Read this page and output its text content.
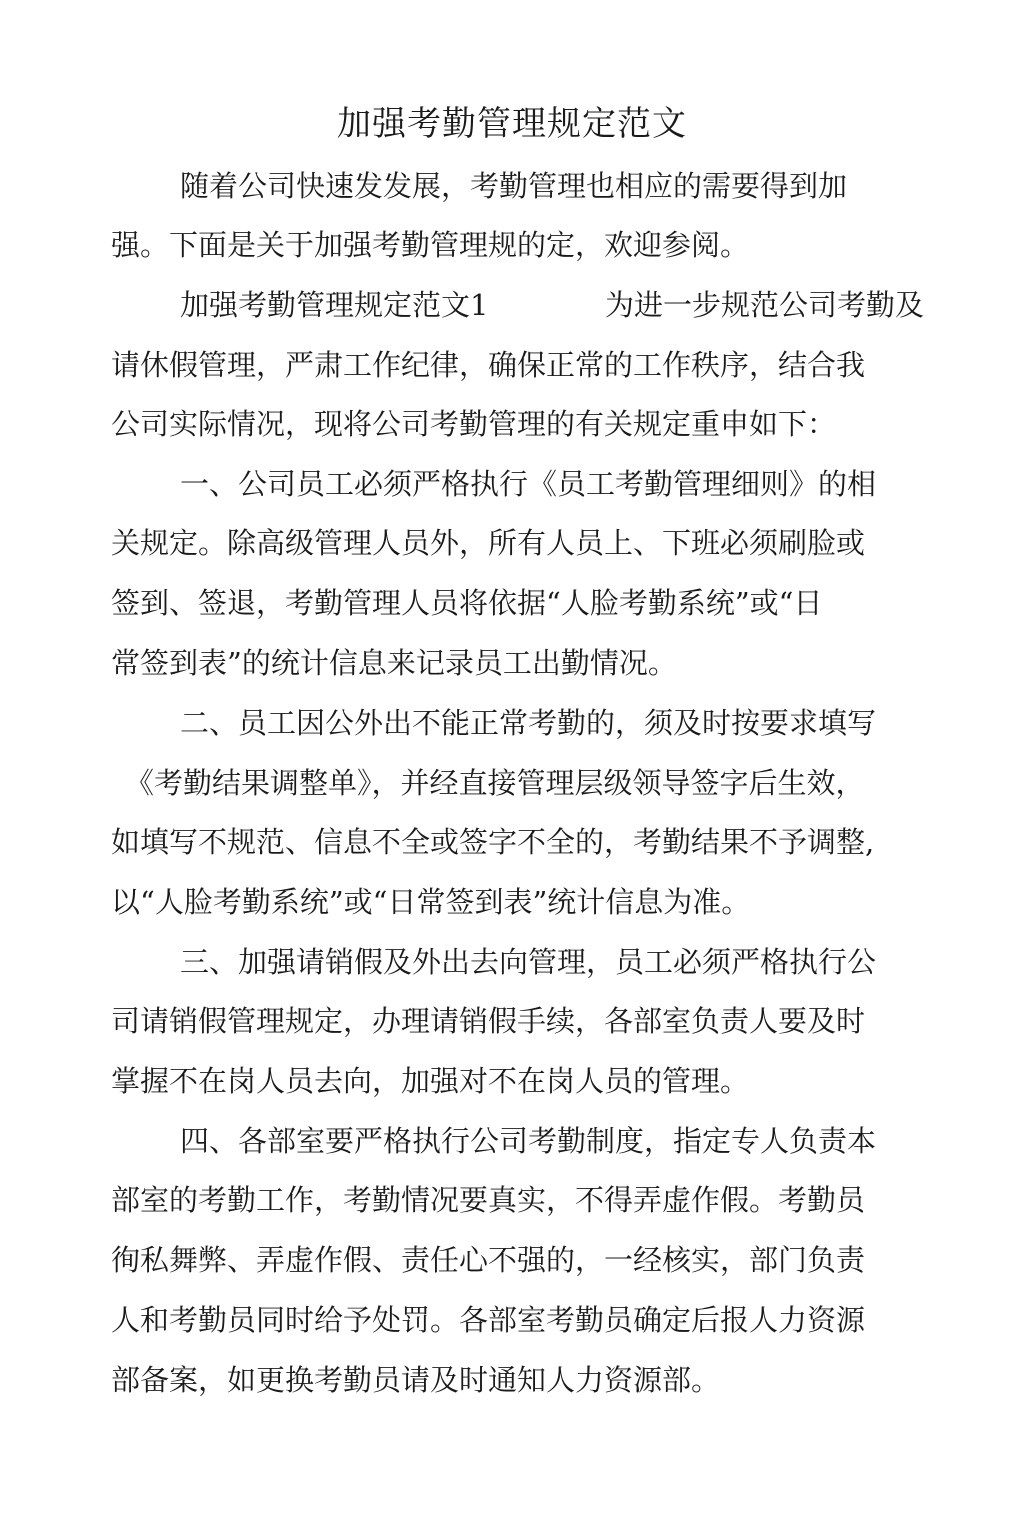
加强考勤管理规定范文
随着公司快速发发展，考勤管理也相应的需要得到加
强。下面是关于加强考勤管理规的定，欢迎参阅。
加强考勤管理规定范文1	为进一步规范公司考勤及
请休假管理，严肃工作纪律，确保正常的工作秩序，结合我
公司实际情况，现将公司考勤管理的有关规定重申如下：
一、公司员工必须严格执行《员工考勤管理细则》的相
关规定。除高级管理人员外，所有人员上、下班必须刷脸或
签到、签退，考勤管理人员将依据“人脸考勤系统”或“日
常签到表”的统计信息来记录员工出勤情况。
二、员工因公外出不能正常考勤的，须及时按要求填写
《考勤结果调整单》，并经直接管理层级领导签字后生效，
如填写不规范、信息不全或签字不全的，考勤结果不予调整,
以“人脸考勤系统”或“日常签到表”统计信息为准。
三、加强请销假及外出去向管理，员工必须严格执行公
司请销假管理规定，办理请销假手续，各部室负责人要及时
掌握不在岗人员去向，加强对不在岗人员的管理。
四、各部室要严格执行公司考勤制度，指定专人负责本
部室的考勤工作，考勤情况要真实，不得弄虚作假。考勤员
徇私舞弊、弄虚作假、责任心不强的，一经核实，部门负责
人和考勤员同时给予处罚。各部室考勤员确定后报人力资源
部备案，如更换考勤员请及时通知人力资源部。
